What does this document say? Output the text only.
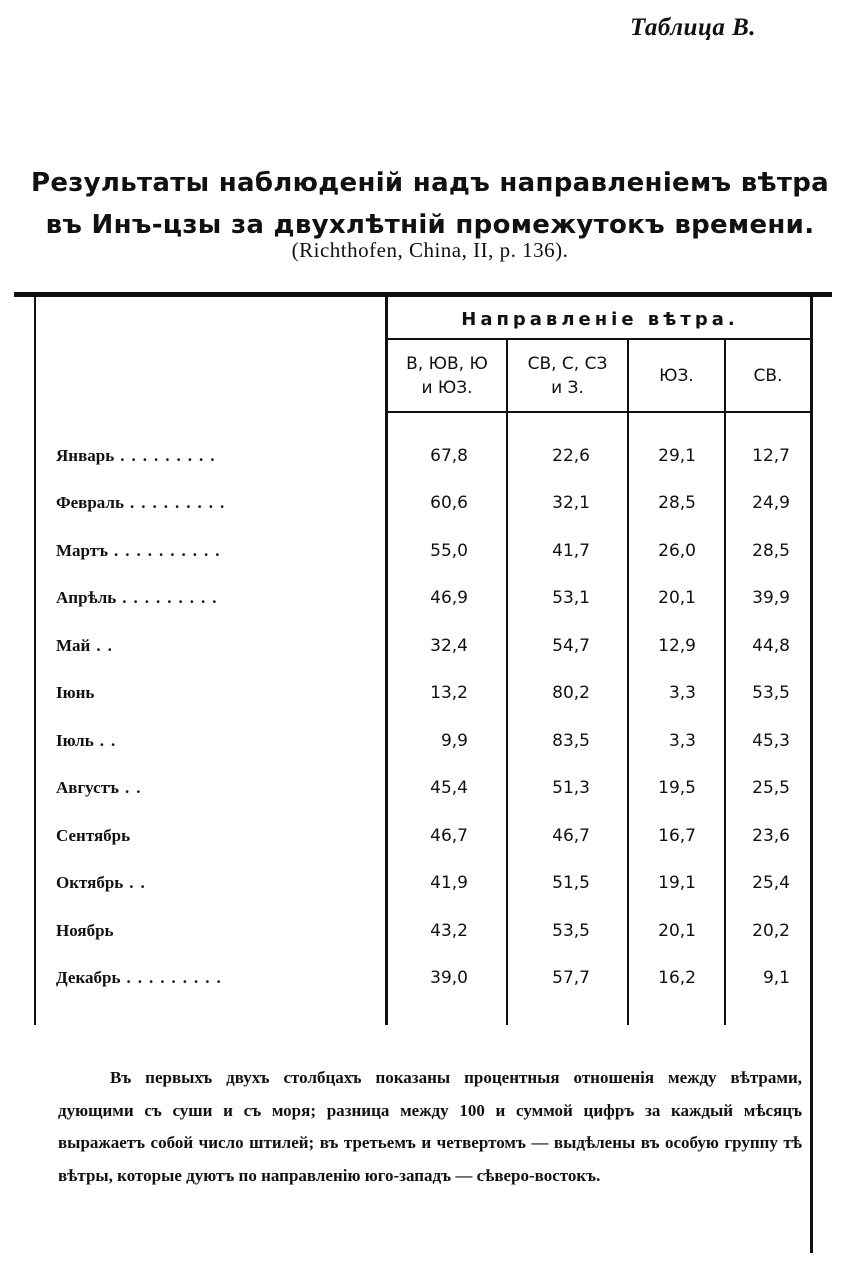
Таблица B.
Результаты наблюденій надъ направленіемъ вѣтра
въ Инъ-цзы за двухлѣтній промежутокъ времени.
(Richthofen, China, II, p. 136).
Направленіе вѣтра.
В, ЮВ, Ю
и ЮЗ.
СВ, С, СЗ
и З.
ЮЗ.	СВ.
Январь .........	67,8	22,6	29,1	12,7
Февраль .........	60,6	32,1	28,5	24,9
Мартъ ..........	55,0	41,7	26,0	28,5
Апрѣль .........	46,9	53,1	20,1	39,9
Май ..	32,4	54,7	12,9	44,8
Іюнь	13,2	80,2	3,3	53,5
Іюль ..	9,9	83,5	3,3	45,3
Августъ ..	45,4	51,3	19,5	25,5
Сентябрь	46,7	46,7	16,7	23,6
Октябрь ..	41,9	51,5	19,1	25,4
Ноябрь	43,2	53,5	20,1	20,2
Декабрь .........	39,0	57,7	16,2	9,1
Въ первыхъ двухъ столбцахъ показаны процентныя отношенія между вѣтрами, дующими съ суши и съ моря; разница между 100 и суммой цифръ за каждый мѣсяцъ выражаетъ собой число штилей; въ третьемъ и четвертомъ — выдѣлены въ особую группу тѣ вѣтры, которые дуютъ по направленію юго-западъ — сѣверо-востокъ.
